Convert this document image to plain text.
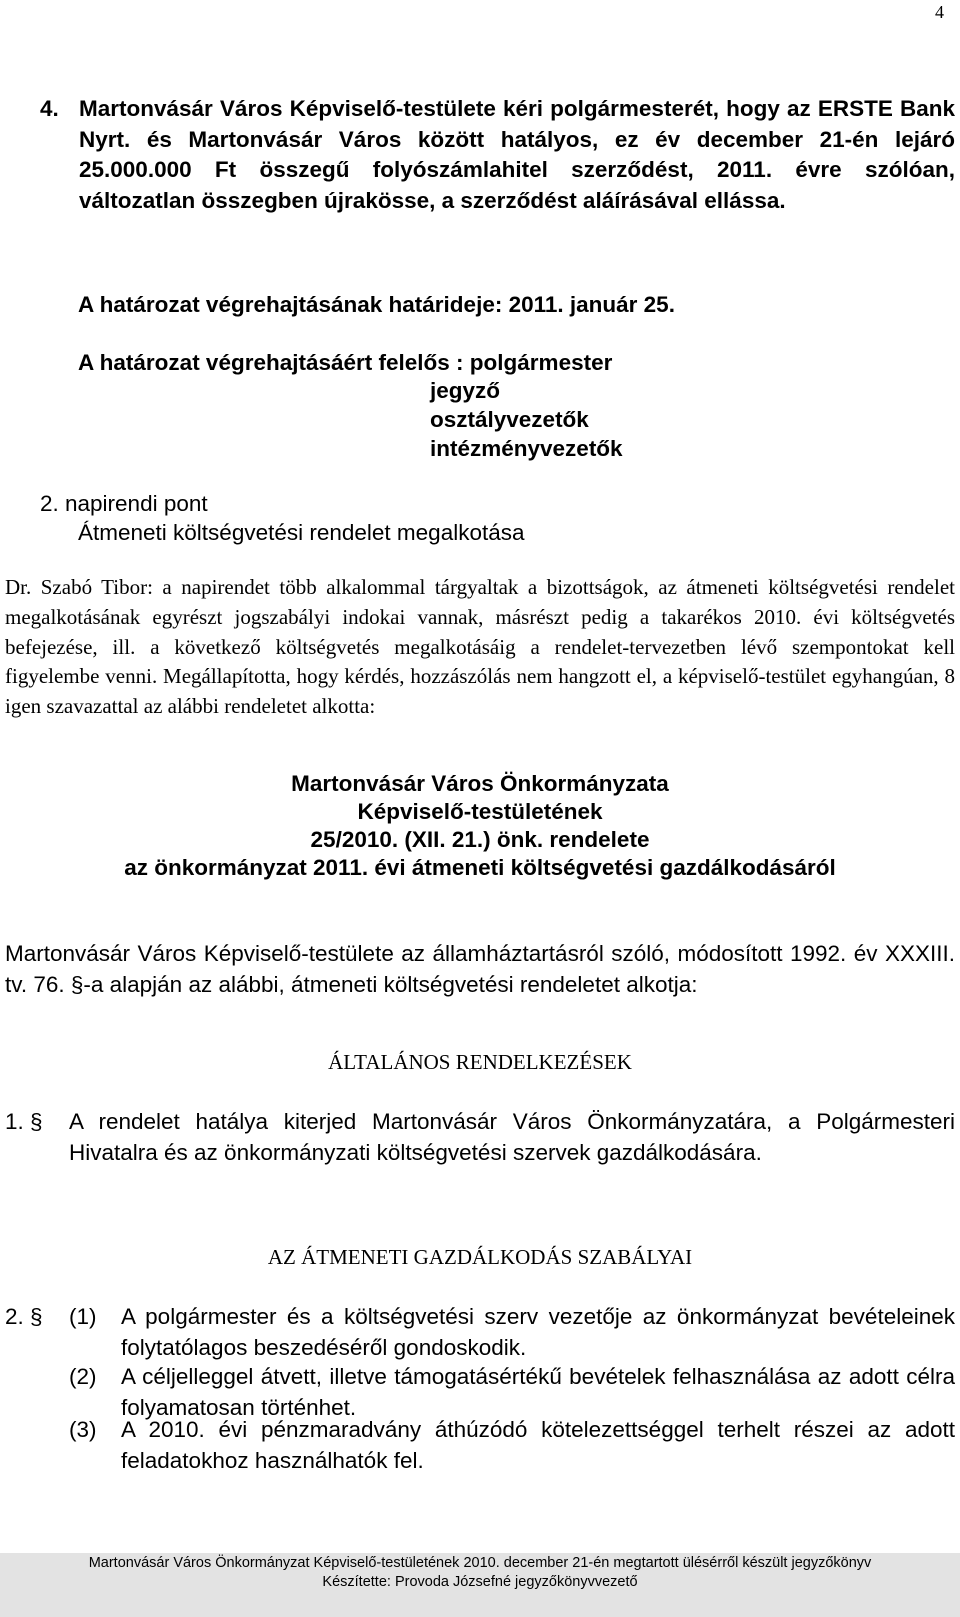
4
4. Martonvásár Város Képviselő-testülete kéri polgármesterét, hogy az ERSTE Bank Nyrt. és Martonvásár Város között hatályos, ez év december 21-én lejáró 25.000.000 Ft összegű folyószámlahitel szerződést, 2011. évre szólóan, változatlan összegben újrakösse, a szerződést aláírásával ellássa.
A határozat végrehajtásának határideje: 2011. január 25.
A határozat végrehajtásáért felelős : polgármester
jegyző
osztályvezetők
intézményvezetők
2. napirendi pont
Átmeneti költségvetési rendelet megalkotása
Dr. Szabó Tibor: a napirendet több alkalommal tárgyaltak a bizottságok, az átmeneti költségvetési rendelet megalkotásának egyrészt jogszabályi indokai vannak, másrészt pedig a takarékos 2010. évi költségvetés befejezése, ill. a következő költségvetés megalkotásáig a rendelet-tervezetben lévő szempontokat kell figyelembe venni. Megállapította, hogy kérdés, hozzászólás nem hangzott el, a képviselő-testület egyhangúan, 8 igen szavazattal az alábbi rendeletet alkotta:
Martonvásár Város Önkormányzata
Képviselő-testületének
25/2010. (XII. 21.) önk. rendelete
az önkormányzat 2011. évi átmeneti költségvetési gazdálkodásáról
Martonvásár Város Képviselő-testülete az államháztartásról szóló, módosított 1992. év XXXIII. tv. 76. §-a alapján az alábbi, átmeneti költségvetési rendeletet alkotja:
ÁLTALÁNOS RENDELKEZÉSEK
1. § A rendelet hatálya kiterjed Martonvásár Város Önkormányzatára, a Polgármesteri Hivatalra és az önkormányzati költségvetési szervek gazdálkodására.
AZ ÁTMENETI GAZDÁLKODÁS SZABÁLYAI
2. § (1) A polgármester és a költségvetési szerv vezetője az önkormányzat bevételeinek folytatólagos beszedéséről gondoskodik.
(2) A céljelleggel átvett, illetve támogatásértékű bevételek felhasználása az adott célra folyamatosan történhet.
(3) A 2010. évi pénzmaradvány áthúzódó kötelezettséggel terhelt részei az adott feladatokhoz használhatók fel.
Martonvásár Város Önkormányzat Képviselő-testületének 2010. december 21-én megtartott ülésérről készült jegyzőkönyv
Készítette: Provoda Józsefné jegyzőkönyvvezető
